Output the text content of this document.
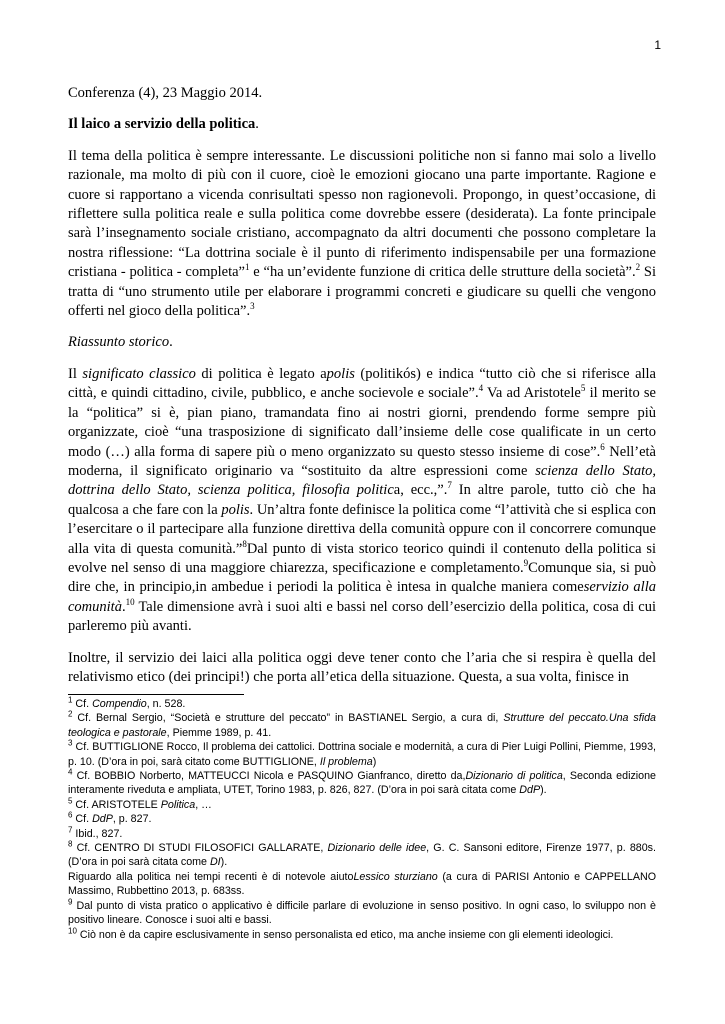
1

Conferenza (4), 23 Maggio 2014.

Il laico a servizio della politica.

Il tema della politica è sempre interessante. Le discussioni politiche non si fanno mai solo a livello razionale, ma molto di più con il cuore, cioè le emozioni giocano una parte importante. Ragione e cuore si rapportano a vicenda conrisultati spesso non ragionevoli. Propongo, in quest’occasione, di riflettere sulla politica reale e sulla politica come dovrebbe essere (desiderata). La fonte principale sarà l’insegnamento sociale cristiano, accompagnato da altri documenti che possono completare la nostra riflessione: “La dottrina sociale è il punto di riferimento indispensabile per una formazione cristiana - politica - completa”$^1$ e “ha un’evidente funzione di critica delle strutture della società”.$^2$ Si tratta di “uno strumento utile per elaborare i programmi concreti e giudicare su quelli che vengono offerti nel gioco della politica”.$^3$

Riassunto storico.

Il significato classico di politica è legato apolis (politikós) e indica “tutto ciò che si riferisce alla città, e quindi cittadino, civile, pubblico, e anche socievole e sociale”.$^4$ Va ad Aristotele$^5$ il merito se la “politica” si è, pian piano, tramandata fino ai nostri giorni, prendendo forme sempre più organizzate, cioè “una trasposizione di significato dall’insieme delle cose qualificate in un certo modo (…) alla forma di sapere più o meno organizzato su questo stesso insieme di cose”.$^6$ Nell’età moderna, il significato originario va “sostituito da altre espressioni come scienza dello Stato, dottrina dello Stato, scienza politica, filosofia politica, ecc.,”.$^7$ In altre parole, tutto ciò che ha qualcosa a che fare con la polis. Un’altra fonte definisce la politica come “l’attività che si esplica con l’esercitare o il partecipare alla funzione direttiva della comunità oppure con il concorrere comunque alla vita di questa comunità.”$^8$Dal punto di vista storico teorico quindi il contenuto della politica si evolve nel senso di una maggiore chiarezza, specificazione e completamento.$^9$Comunque sia, si può dire che, in principio,in ambedue i periodi la politica è intesa in qualche maniera comeservizio alla comunità.$^{10}$ Tale dimensione avrà i suoi alti e bassi nel corso dell’esercizio della politica, cosa di cui parleremo più avanti.

Inoltre, il servizio dei laici alla politica oggi deve tener conto che l’aria che si respira è quella del relativismo etico (dei principi!) che porta all’etica della situazione. Questa, a sua volta, finisce in

$^1$ Cf. Compendio, n. 528.

$^2$ Cf. Bernal Sergio, “Società e strutture del peccato” in BASTIANEL Sergio, a cura di, Strutture del peccato.Una sfida teologica e pastorale, Piemme 1989, p. 41.

$^3$ Cf. BUTTIGLIONE Rocco, Il problema dei cattolici. Dottrina sociale e modernità, a cura di Pier Luigi Pollini, Piemme, 1993, p. 10. (D’ora in poi, sarà citato come BUTTIGLIONE, Il problema)

$^4$ Cf. BOBBIO Norberto, MATTEUCCI Nicola e PASQUINO Gianfranco, diretto da,Dizionario di politica, Seconda edizione interamente riveduta e ampliata, UTET, Torino 1983, p. 826, 827. (D’ora in poi sarà citata come DdP).

$^5$ Cf. ARISTOTELE Politica, …

$^6$ Cf. DdP, p. 827.

$^7$ Ibid., 827.

$^8$ Cf. CENTRO DI STUDI FILOSOFICI GALLARATE, Dizionario delle idee, G. C. Sansoni editore, Firenze 1977, p. 880s. (D’ora in poi sarà citata come DI).

Riguardo alla politica nei tempi recenti è di notevole aiutoLessico sturziano (a cura di PARISI Antonio e CAPPELLANO Massimo, Rubbettino 2013, p. 683ss.

$^9$ Dal punto di vista pratico o applicativo è difficile parlare di evoluzione in senso positivo. In ogni caso, lo sviluppo non è positivo lineare. Conosce i suoi alti e bassi.

$^{10}$ Ciò non è da capire esclusivamente in senso personalista ed etico, ma anche insieme con gli elementi ideologici.
